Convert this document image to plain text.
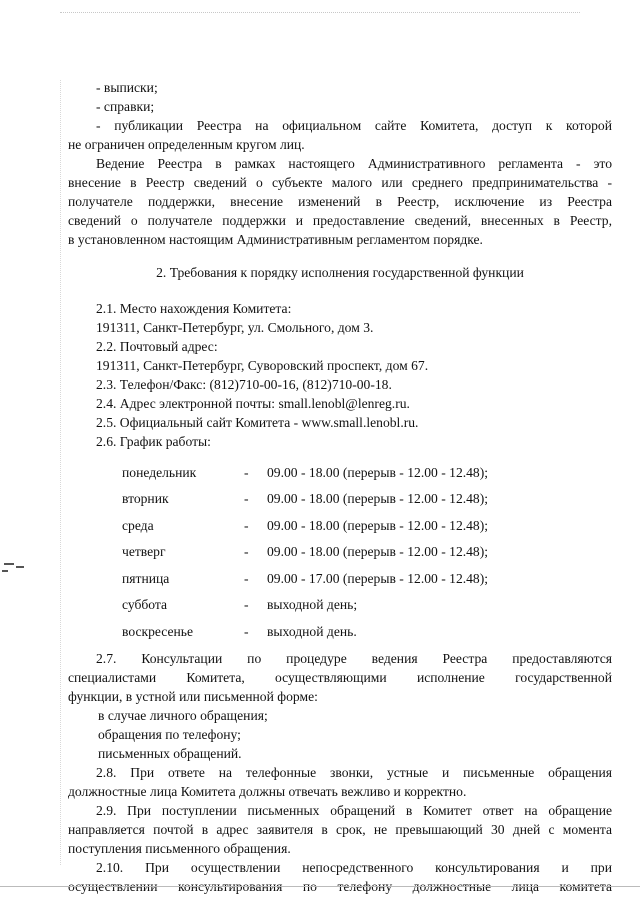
- выписки;

- справки;

- публикации Реестра на официальном сайте Комитета, доступ к которой

не ограничен определенным кругом лиц.

Ведение Реестра в рамках настоящего Административного регламента - это

внесение в Реестр сведений о субъекте малого или среднего предпринимательства -

получателе поддержки, внесение изменений в Реестр, исключение из Реестра

сведений о получателе поддержки и предоставление сведений, внесенных в Реестр,

в установленном настоящим Административным регламентом порядке.

2. Требования к порядку исполнения государственной функции

2.1. Место нахождения Комитета:

191311, Санкт-Петербург, ул. Смольного, дом 3.

2.2. Почтовый адрес:

191311, Санкт-Петербург, Суворовский проспект, дом 67.

2.3. Телефон/Факс: (812)710-00-16, (812)710-00-18.

2.4. Адрес электронной почты: small.lenobl@lenreg.ru.

2.5. Официальный сайт Комитета - www.small.lenobl.ru.

2.6. График работы:

понедельник	-	09.00 - 18.00 (перерыв - 12.00 - 12.48);
вторник	-	09.00 - 18.00 (перерыв - 12.00 - 12.48);
среда	-	09.00 - 18.00 (перерыв - 12.00 - 12.48);
четверг	-	09.00 - 18.00 (перерыв - 12.00 - 12.48);
пятница	-	09.00 - 17.00 (перерыв - 12.00 - 12.48);
суббота	-	выходной день;
воскресенье	-	выходной день.

2.7. Консультации по процедуре ведения Реестра предоставляются

специалистами Комитета, осуществляющими исполнение государственной

функции, в устной или письменной форме:

в случае личного обращения;

обращения по телефону;

письменных обращений.

2.8. При ответе на телефонные звонки, устные и письменные обращения

должностные лица Комитета должны отвечать вежливо и корректно.

2.9. При поступлении письменных обращений в Комитет ответ на обращение

направляется почтой в адрес заявителя в срок, не превышающий 30 дней с момента

поступления письменного обращения.

2.10. При осуществлении непосредственного консультирования и при

осуществлении консультирования по телефону должностные лица комитета
